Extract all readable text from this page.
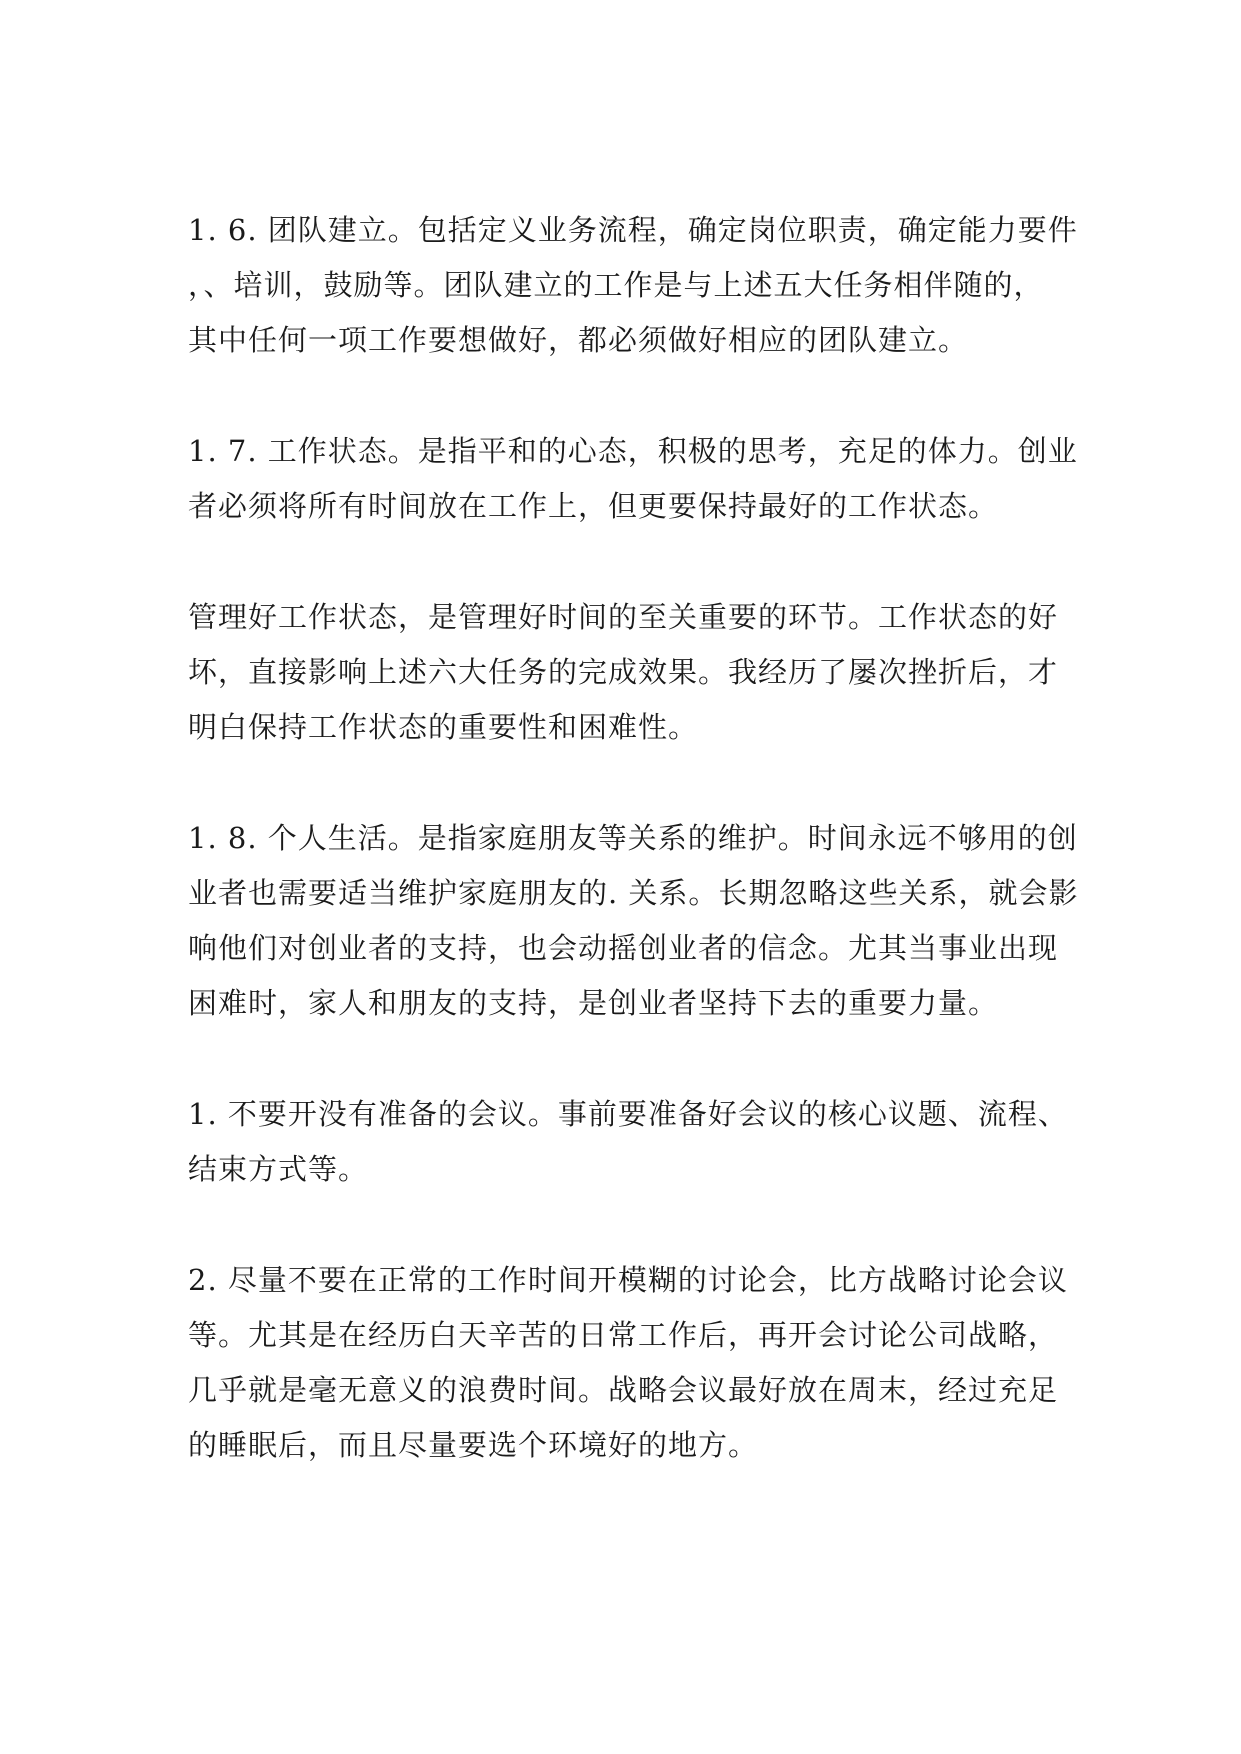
1. 6. 团队建立。包括定义业务流程，确定岗位职责，确定能力要件
，、培训，鼓励等。团队建立的工作是与上述五大任务相伴随的，
其中任何一项工作要想做好，都必须做好相应的团队建立。
1. 7. 工作状态。是指平和的心态，积极的思考，充足的体力。创业
者必须将所有时间放在工作上，但更要保持最好的工作状态。
管理好工作状态，是管理好时间的至关重要的环节。工作状态的好
坏，直接影响上述六大任务的完成效果。我经历了屡次挫折后，才
明白保持工作状态的重要性和困难性。
1. 8. 个人生活。是指家庭朋友等关系的维护。时间永远不够用的创
业者也需要适当维护家庭朋友的. 关系。长期忽略这些关系，就会影
响他们对创业者的支持，也会动摇创业者的信念。尤其当事业出现
困难时，家人和朋友的支持，是创业者坚持下去的重要力量。
1. 不要开没有准备的会议。事前要准备好会议的核心议题、流程、
结束方式等。
2. 尽量不要在正常的工作时间开模糊的讨论会，比方战略讨论会议
等。尤其是在经历白天辛苦的日常工作后，再开会讨论公司战略，
几乎就是毫无意义的浪费时间。战略会议最好放在周末，经过充足
的睡眠后，而且尽量要选个环境好的地方。
